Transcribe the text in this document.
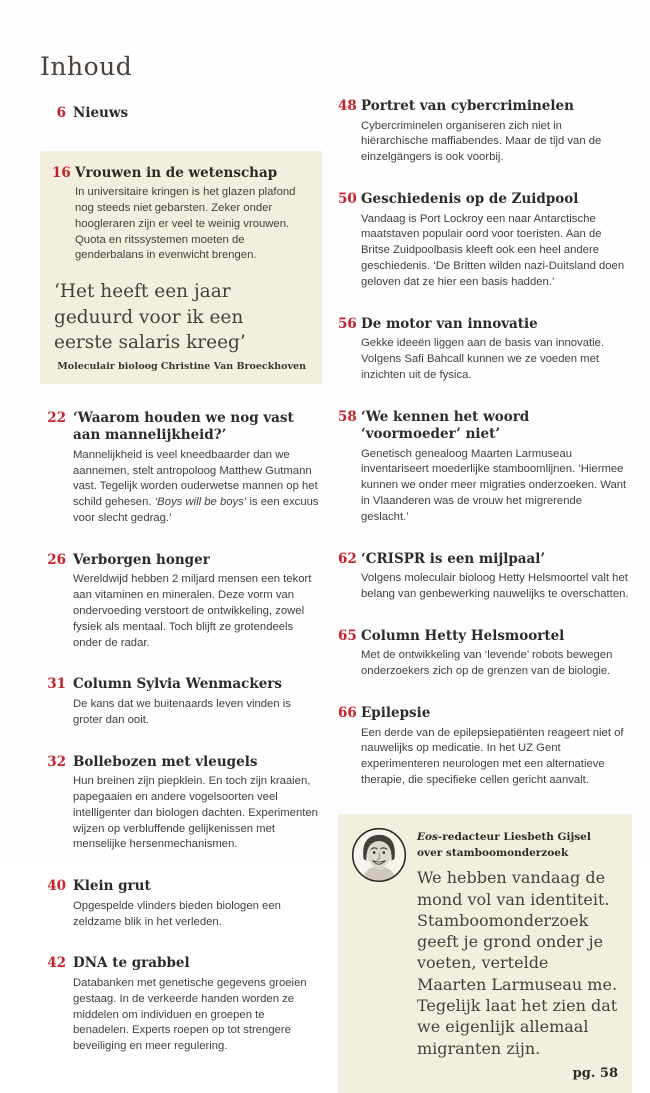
Inhoud
6 Nieuws
16 Vrouwen in de wetenschap

In universitaire kringen is het glazen plafond nog steeds niet gebarsten. Zeker onder hoogleraren zijn er veel te weinig vrouwen. Quota en ritssystemen moeten de genderbalans in evenwicht brengen.

‘Het heeft een jaar geduurd voor ik een eerste salaris kreeg’
Moleculair bioloog Christine Van Broeckhoven
22 ‘Waarom houden we nog vast aan mannelijkheid?’

Mannelijkheid is veel kneedbaarder dan we aannemen, stelt antropoloog Matthew Gutmann vast. Tegelijk worden ouderwetse mannen op het schild gehesen. ‘Boys will be boys’ is een excuus voor slecht gedrag.’

26 Verborgen honger

Wereldwijd hebben 2 miljard mensen een tekort aan vitaminen en mineralen. Deze vorm van ondervoeding verstoort de ontwikkeling, zowel fysiek als mentaal. Toch blijft ze grotendeels onder de radar.

31 Column Sylvia Wenmackers

De kans dat we buitenaards leven vinden is groter dan ooit.

32 Bollebozen met vleugels

Hun breinen zijn piepklein. En toch zijn kraaien, papegaaien en andere vogelsoorten veel intelligenter dan biologen dachten. Experimenten wijzen op verbluffende gelijkenissen met menselijke hersenmechanismen.

40 Klein grut

Opgespelde vlinders bieden biologen een zeldzame blik in het verleden.

42 DNA te grabbel

Databanken met genetische gegevens groeien gestaag. In de verkeerde handen worden ze middelen om individuen en groepen te benadelen. Experts roepen op tot strengere beveiliging en meer regulering.

48 Portret van cybercriminelen

Cybercriminelen organiseren zich niet in hiërarchische maffiabendes. Maar de tijd van de einzelgängers is ook voorbij.

50 Geschiedenis op de Zuidpool

Vandaag is Port Lockroy een naar Antarctische maatstaven populair oord voor toeristen. Aan de Britse Zuidpoolbasis kleeft ook een heel andere geschiedenis. ‘De Britten wilden nazi-Duitsland doen geloven dat ze hier een basis hadden.’

56 De motor van innovatie

Gekke ideeën liggen aan de basis van innovatie. Volgens Safi Bahcall kunnen we ze voeden met inzichten uit de fysica.

58 ‘We kennen het woord ‘voormoeder’ niet’

Genetisch genealoog Maarten Larmuseau inventariseert moederlijke stamboomlijnen. ‘Hiermee kunnen we onder meer migraties onderzoeken. Want in Vlaanderen was de vrouw het migrerende geslacht.’

62 ‘CRISPR is een mijlpaal’

Volgens moleculair bioloog Hetty Helsmoortel valt het belang van genbewerking nauwelijks te overschatten.

65 Column Hetty Helsmoortel

Met de ontwikkeling van ‘levende’ robots bewegen onderzoekers zich op de grenzen van de biologie.

66 Epilepsie

Een derde van de epilepsiepatiënten reageert niet of nauwelijks op medicatie. In het UZ Gent experimenteren neurologen met een alternatieve therapie, die specifieke cellen gericht aanvalt.

Eos-redacteur Liesbeth Gijsel over stamboomonderzoek

We hebben vandaag de mond vol van identiteit. Stamboomonderzoek geeft je grond onder je voeten, vertelde Maarten Larmuseau me. Tegelijk laat het zien dat we eigenlijk allemaal migranten zijn.

pg. 58
